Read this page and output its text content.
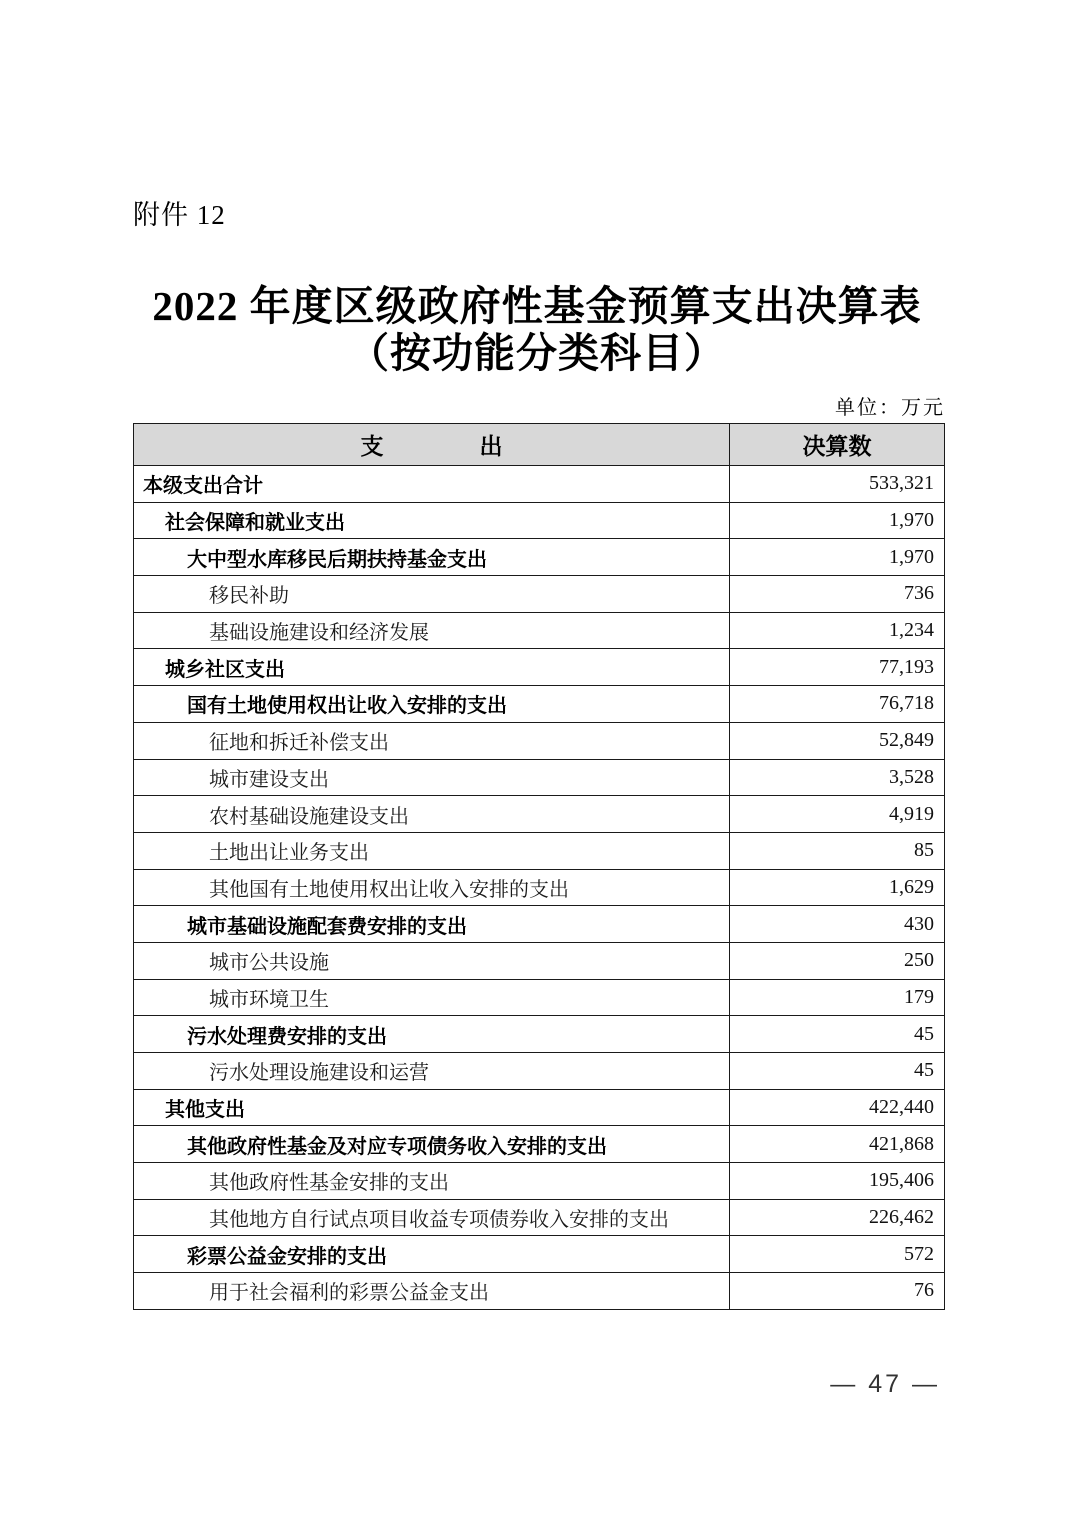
附件 12
2022 年度区级政府性基金预算支出决算表
（按功能分类科目）
单位：万元
支 出	决算数
本级支出合计	533,321
社会保障和就业支出	1,970
大中型水库移民后期扶持基金支出	1,970
移民补助	736
基础设施建设和经济发展	1,234
城乡社区支出	77,193
国有土地使用权出让收入安排的支出	76,718
征地和拆迁补偿支出	52,849
城市建设支出	3,528
农村基础设施建设支出	4,919
土地出让业务支出	85
其他国有土地使用权出让收入安排的支出	1,629
城市基础设施配套费安排的支出	430
城市公共设施	250
城市环境卫生	179
污水处理费安排的支出	45
污水处理设施建设和运营	45
其他支出	422,440
其他政府性基金及对应专项债务收入安排的支出	421,868
其他政府性基金安排的支出	195,406
其他地方自行试点项目收益专项债券收入安排的支出	226,462
彩票公益金安排的支出	572
用于社会福利的彩票公益金支出	76
— 47 —
